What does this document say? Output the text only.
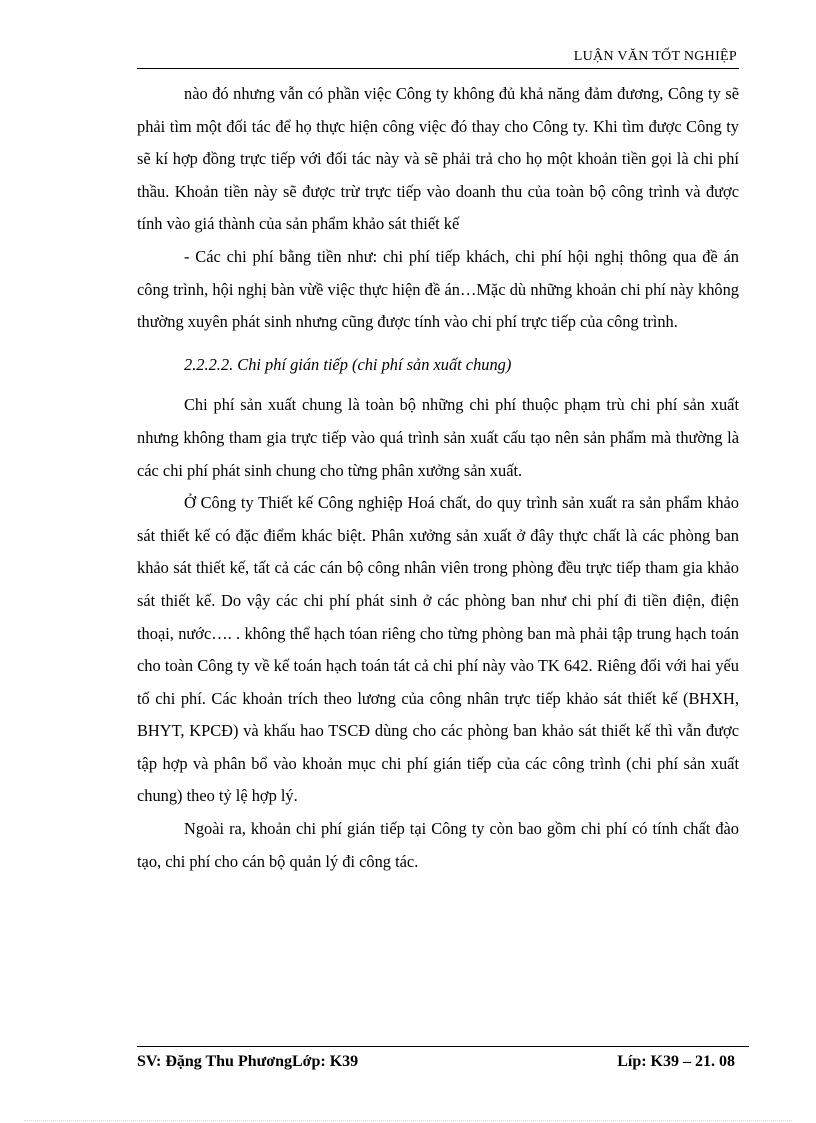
LUẬN VĂN TỐT NGHIỆP

nào đó nhưng vẫn có phần việc Công ty không đủ khả năng đảm đương, Công ty sẽ phải tìm một đối tác để họ thực hiện công việc đó thay cho Công ty. Khi tìm được Công ty sẽ kí hợp đồng trực tiếp với đối tác này và sẽ phải trả cho họ một khoản tiền gọi là chi phí thầu. Khoản tiền này sẽ được trừ trực tiếp vào doanh thu của toàn bộ công trình và được tính vào giá thành của sản phẩm khảo sát thiết kế

- Các chi phí bằng tiền như: chi phí tiếp khách, chi phí hội nghị thông qua đề án công trình, hội nghị bàn vừề việc thực hiện đề án…Mặc dù những khoản chi phí này không thường xuyên phát sinh nhưng cũng được tính vào chi phí trực tiếp của công trình.

2.2.2.2. Chi phí gián tiếp (chi phí sản xuất chung)

Chi phí sản xuất chung là toàn bộ những chi phí thuộc phạm trù chi phí sản xuất nhưng không tham gia trực tiếp vào quá trình sản xuất cấu tạo nên sản phẩm mà thường là các chi phí phát sinh chung cho từng phân xưởng sản xuất.

Ở Công ty Thiết kế Công nghiệp Hoá chất, do quy trình sản xuất ra sản phẩm khảo sát thiết kế có đặc điểm khác biệt. Phân xưởng sản xuất ở đây thực chất là các phòng ban khảo sát thiết kế, tất cả các cán bộ công nhân viên trong phòng đều trực tiếp tham gia khảo sát thiết kế. Do vậy các chi phí phát sinh ở các phòng ban như chi phí đi tiền điện, điện thoại, nước…. . không thể hạch tóan riêng cho từng phòng ban mà phải tập trung hạch toán cho toàn Công ty về kế toán hạch toán tát cả chi phí này vào TK 642. Riêng đối với hai yếu tố chi phí. Các khoản trích theo lương của công nhân trực tiếp khảo sát thiết kế (BHXH, BHYT, KPCĐ) và khấu hao TSCĐ dùng cho các phòng ban khảo sát thiết kế thì vẫn được tập hợp và phân bổ vào khoản mục chi phí gián tiếp của các công trình (chi phí sản xuất chung) theo tỷ lệ hợp lý.

Ngoài ra, khoản chi phí gián tiếp tại Công ty còn bao gồm chi phí có tính chất đào tạo, chi phí cho cán bộ quản lý đi công tác.

SV: Đặng Thu PhươngLớp: K39	Líp: K39 – 21. 08
